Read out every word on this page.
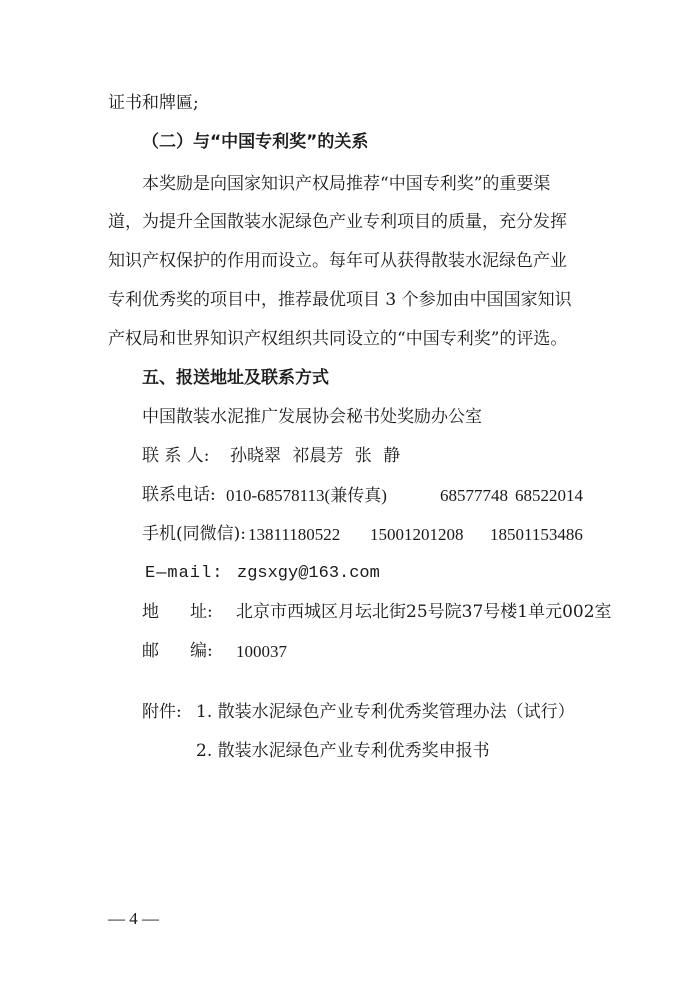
证书和牌匾;
（二）与“中国专利奖”的关系
本奖励是向国家知识产权局推荐“中国专利奖”的重要渠
道，为提升全国散装水泥绿色产业专利项目的质量，充分发挥
知识产权保护的作用而设立。每年可从获得散装水泥绿色产业
专利优秀奖的项目中，推荐最优项目 3 个参加由中国国家知识
产权局和世界知识产权组织共同设立的“中国专利奖”的评选。
五、报送地址及联系方式
中国散装水泥推广发展协会秘书处奖励办公室
联 系 人: 孙晓翠 祁晨芳 张 静
联系电话: 010-68578113(兼传真)	68577748 68522014
手机(同微信): 13811180522 15001201208 18501153486
E—mail: zgsxgy@163.com
地 址: 北京市西城区月坛北街25号院37号楼1单元002室
邮 编: 100037
附件: 1. 散装水泥绿色产业专利优秀奖管理办法（试行）
2. 散装水泥绿色产业专利优秀奖申报书
— 4 —
